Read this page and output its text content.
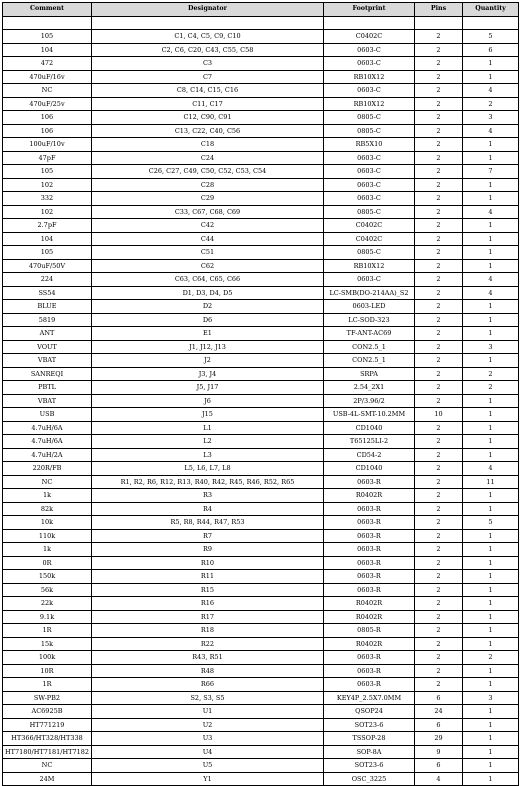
Comment	Designator	Footprint	Pins	Quantity

105	C1, C4, C5, C9, C10	C0402C	2	5
104	C2, C6, C20, C43, C55, C58	0603-C	2	6
472	C3	0603-C	2	1
470uF/16v	C7	RB10X12	2	1
NC	C8, C14, C15, C16	0603-C	2	4
470uF/25v	C11, C17	RB10X12	2	2
106	C12, C90, C91	0805-C	2	3
106	C13, C22, C40, C56	0805-C	2	4
100uF/10v	C18	RB5X10	2	1
47pF	C24	0603-C	2	1
105	C26, C27, C49, C50, C52, C53, C54	0603-C	2	7
102	C28	0603-C	2	1
332	C29	0603-C	2	1
102	C33, C67, C68, C69	0805-C	2	4
2.7pF	C42	C0402C	2	1
104	C44	C0402C	2	1
105	C51	0805-C	2	1
470uF/50V	C62	RB10X12	2	1
224	C63, C64, C65, C66	0603-C	2	4
SS54	D1, D3, D4, D5	LC-SMB(DO-214AA)_S2	2	4
BLUE	D2	0603-LED	2	1
5819	D6	LC-SOD-323	2	1
ANT	E1	TF-ANT-AC69	2	1
VOUT	J1, J12, J13	CON2.5_1	2	3
VBAT	J2	CON2.5_1	2	1
SANREQI	J3, J4	SRPA	2	2
PBTL	J5, J17	2.54_2X1	2	2
VBAT	J6	2P/3.96/2	2	1
USB	J15	USB-4L-SMT-10.2MM	10	1
4.7uH/6A	L1	CD1040	2	1
4.7uH/6A	L2	T65125LI-2	2	1
4.7uH/2A	L3	CD54-2	2	1
220R/FB	L5, L6, L7, L8	CD1040	2	4
NC	R1, R2, R6, R12, R13, R40, R42, R45, R46, R52, R65	0603-R	2	11
1k	R3	R0402R	2	1
82k	R4	0603-R	2	1
10k	R5, R8, R44, R47, R53	0603-R	2	5
110k	R7	0603-R	2	1
1k	R9	0603-R	2	1
0R	R10	0603-R	2	1
150k	R11	0603-R	2	1
56k	R15	0603-R	2	1
22k	R16	R0402R	2	1
9.1k	R17	R0402R	2	1
1R	R18	0805-R	2	1
15k	R22	R0402R	2	1
100k	R43, R51	0603-R	2	2
10R	R48	0603-R	2	1
1R	R66	0603-R	2	1
SW-PB2	S2, S3, S5	KEY4P_2.5X7.0MM	6	3
AC6925B	U1	QSOP24	24	1
HT771219	U2	SOT23-6	6	1
HT366/HT328/HT338	U3	TSSOP-28	29	1
HT7180/HT7181/HT7182	U4	SOP-8A	9	1
NC	U5	SOT23-6	6	1
24M	Y1	OSC_3225	4	1
